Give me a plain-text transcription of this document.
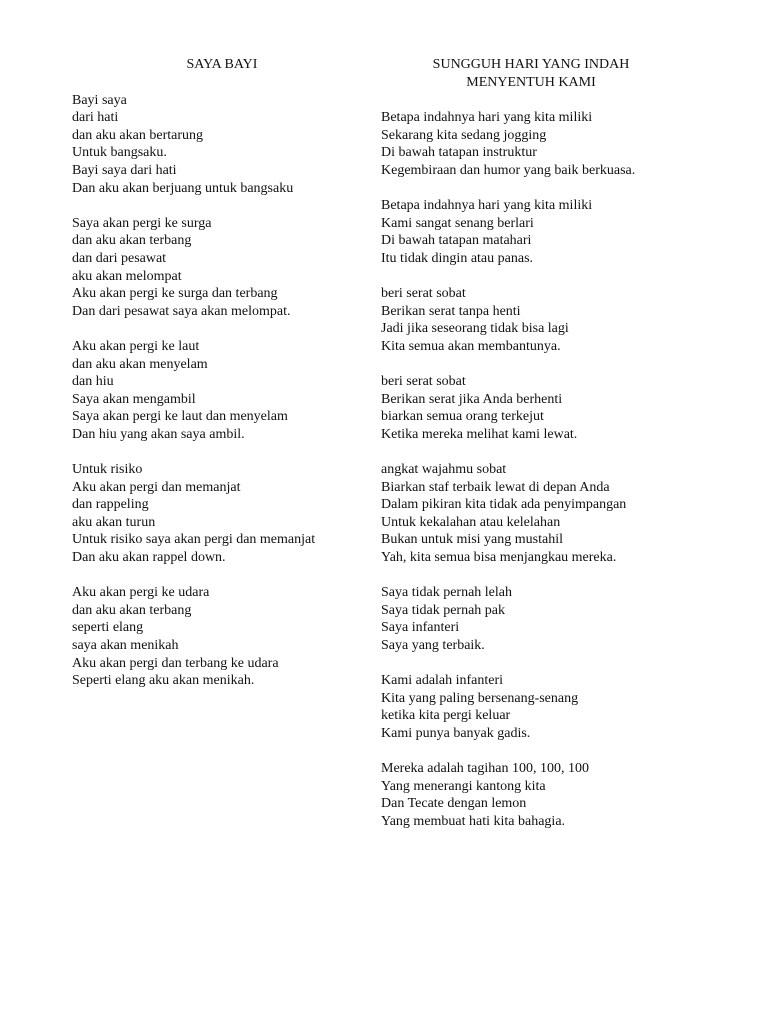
SAYA BAYI
Bayi saya
dari hati
dan aku akan bertarung
Untuk bangsaku.
Bayi saya dari hati
Dan aku akan berjuang untuk bangsaku
Saya akan pergi ke surga
dan aku akan terbang
dan dari pesawat
aku akan melompat
Aku akan pergi ke surga dan terbang
Dan dari pesawat saya akan melompat.
Aku akan pergi ke laut
dan aku akan menyelam
dan hiu
Saya akan mengambil
Saya akan pergi ke laut dan menyelam
Dan hiu yang akan saya ambil.
Untuk risiko
Aku akan pergi dan memanjat
dan rappeling
aku akan turun
Untuk risiko saya akan pergi dan memanjat
Dan aku akan rappel down.
Aku akan pergi ke udara
dan aku akan terbang
seperti elang
saya akan menikah
Aku akan pergi dan terbang ke udara
Seperti elang aku akan menikah.
SUNGGUH HARI YANG INDAH
MENYENTUH KAMI
Betapa indahnya hari yang kita miliki
Sekarang kita sedang jogging
Di bawah tatapan instruktur
Kegembiraan dan humor yang baik berkuasa.
Betapa indahnya hari yang kita miliki
Kami sangat senang berlari
Di bawah tatapan matahari
Itu tidak dingin atau panas.
beri serat sobat
Berikan serat tanpa henti
Jadi jika seseorang tidak bisa lagi
Kita semua akan membantunya.
beri serat sobat
Berikan serat jika Anda berhenti
biarkan semua orang terkejut
Ketika mereka melihat kami lewat.
angkat wajahmu sobat
Biarkan staf terbaik lewat di depan Anda
Dalam pikiran kita tidak ada penyimpangan
Untuk kekalahan atau kelelahan
Bukan untuk misi yang mustahil
Yah, kita semua bisa menjangkau mereka.
Saya tidak pernah lelah
Saya tidak pernah pak
Saya infanteri
Saya yang terbaik.
Kami adalah infanteri
Kita yang paling bersenang-senang
ketika kita pergi keluar
Kami punya banyak gadis.
Mereka adalah tagihan 100, 100, 100
Yang menerangi kantong kita
Dan Tecate dengan lemon
Yang membuat hati kita bahagia.
